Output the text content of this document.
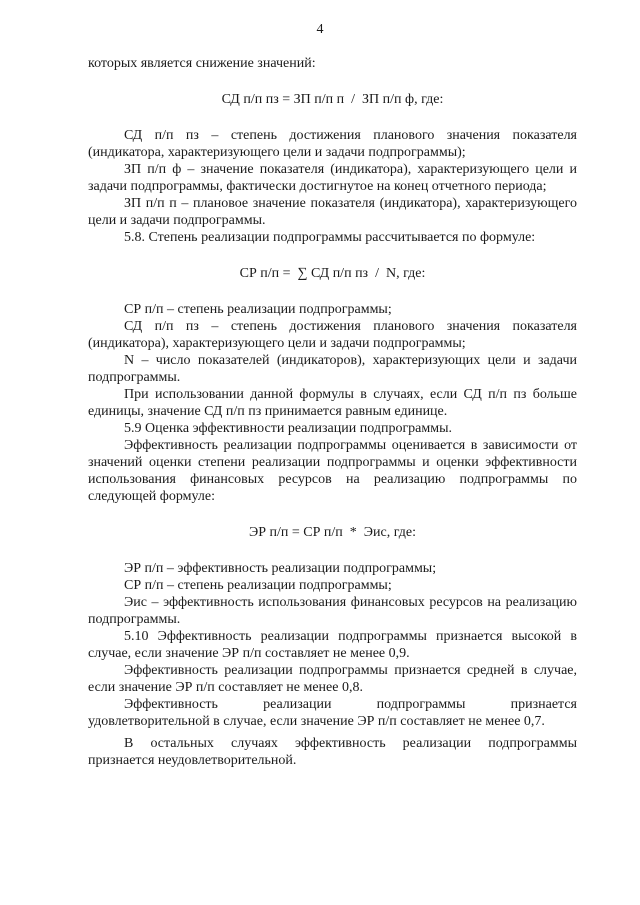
4

которых является снижение значений:

СД п/п пз = ЗП п/п п  /  ЗП п/п ф, где:

СД п/п пз – степень достижения планового значения показателя (индикатора, характеризующего цели и задачи подпрограммы);

ЗП п/п ф – значение показателя (индикатора), характеризующего цели и задачи подпрограммы, фактически достигнутое на конец отчетного периода;

ЗП п/п п – плановое значение показателя (индикатора), характеризующего цели и задачи подпрограммы.

5.8. Степень реализации подпрограммы рассчитывается по формуле:

СР п/п =  ∑ СД п/п пз  /  N, где:

СР п/п – степень реализации подпрограммы;

СД п/п пз – степень достижения планового значения показателя (индикатора), характеризующего цели и задачи подпрограммы;

N – число показателей (индикаторов), характеризующих цели и задачи подпрограммы.

При использовании данной формулы в случаях, если СД п/п пз больше единицы, значение СД п/п пз принимается равным единице.

5.9 Оценка эффективности реализации подпрограммы.

Эффективность реализации подпрограммы оценивается в зависимости от значений оценки степени реализации подпрограммы и оценки эффективности использования финансовых ресурсов на реализацию подпрограммы по следующей формуле:

ЭР п/п = СР п/п  *  Эис, где:

ЭР п/п – эффективность реализации подпрограммы;

СР п/п – степень реализации подпрограммы;

Эис – эффективность использования финансовых ресурсов на реализацию подпрограммы.

5.10 Эффективность реализации подпрограммы признается высокой в случае, если значение ЭР п/п составляет не менее 0,9.

Эффективность реализации подпрограммы признается средней в случае, если значение ЭР п/п составляет не менее 0,8.

Эффективность реализации подпрограммы признается удовлетворительной в случае, если значение ЭР п/п составляет не менее 0,7.

В остальных случаях эффективность реализации подпрограммы признается неудовлетворительной.
